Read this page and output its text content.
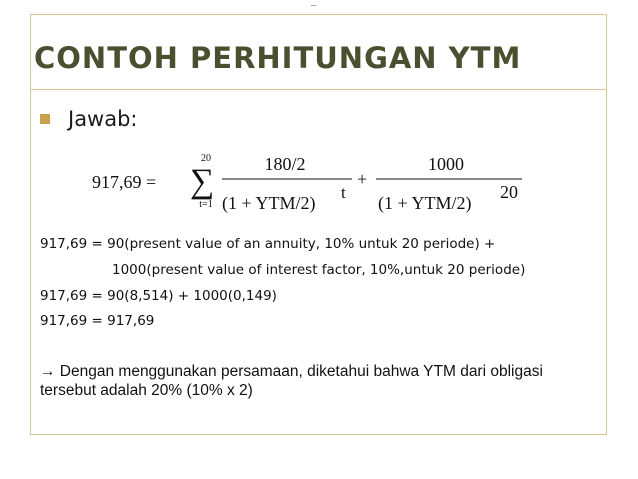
–
CONTOH PERHITUNGAN YTM
Jawab:
917,69 =
20
∑
t=1
180/2
(1 + YTM/2)
t
+
1000
(1 + YTM/2)
20
917,69 = 90(present value of an annuity, 10% untuk 20 periode) +
1000(present value of interest factor, 10%,untuk 20 periode)
917,69 = 90(8,514) + 1000(0,149)
917,69 = 917,69
→ Dengan menggunakan persamaan, diketahui bahwa YTM dari obligasi tersebut adalah 20% (10% x 2)
